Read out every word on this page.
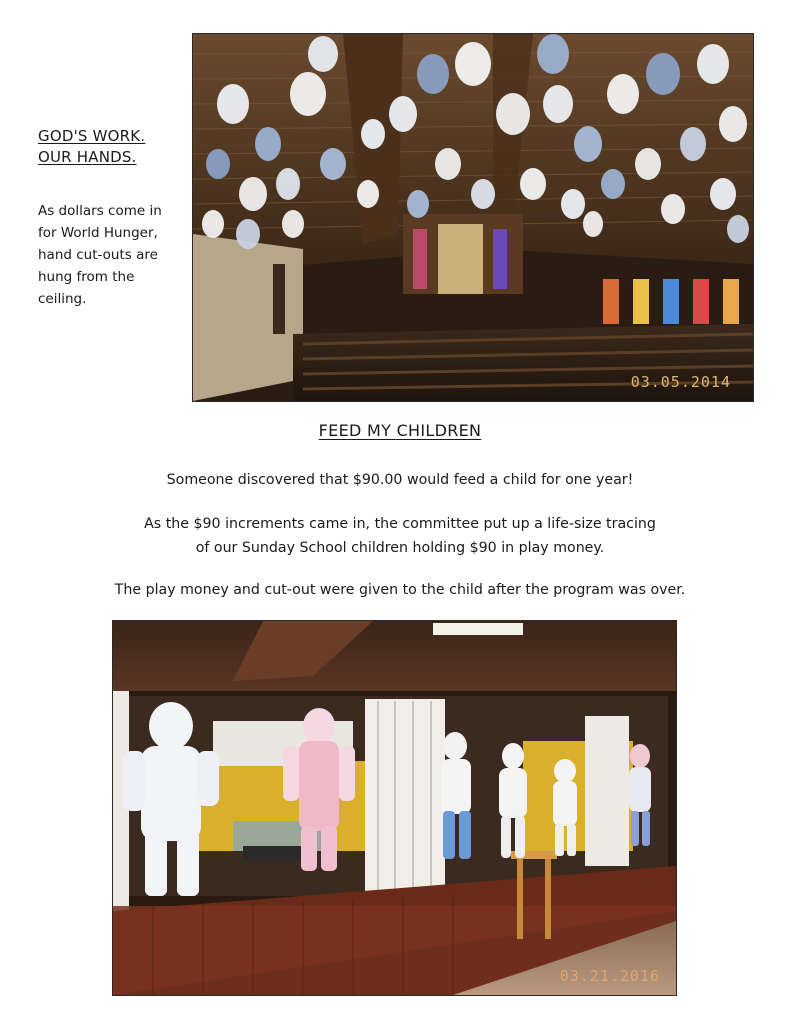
GOD'S WORK.
OUR HANDS.
As dollars come in
for World Hunger,
hand cut-outs are
hung from the
ceiling.
03.05.2014
FEED MY CHILDREN
Someone discovered that $90.00 would feed a child for one year!
As the $90 increments came in, the committee put up a life-size tracing
of our Sunday School children holding $90 in play money.
The play money and cut-out were given to the child after the program was over.
03.21.2016
